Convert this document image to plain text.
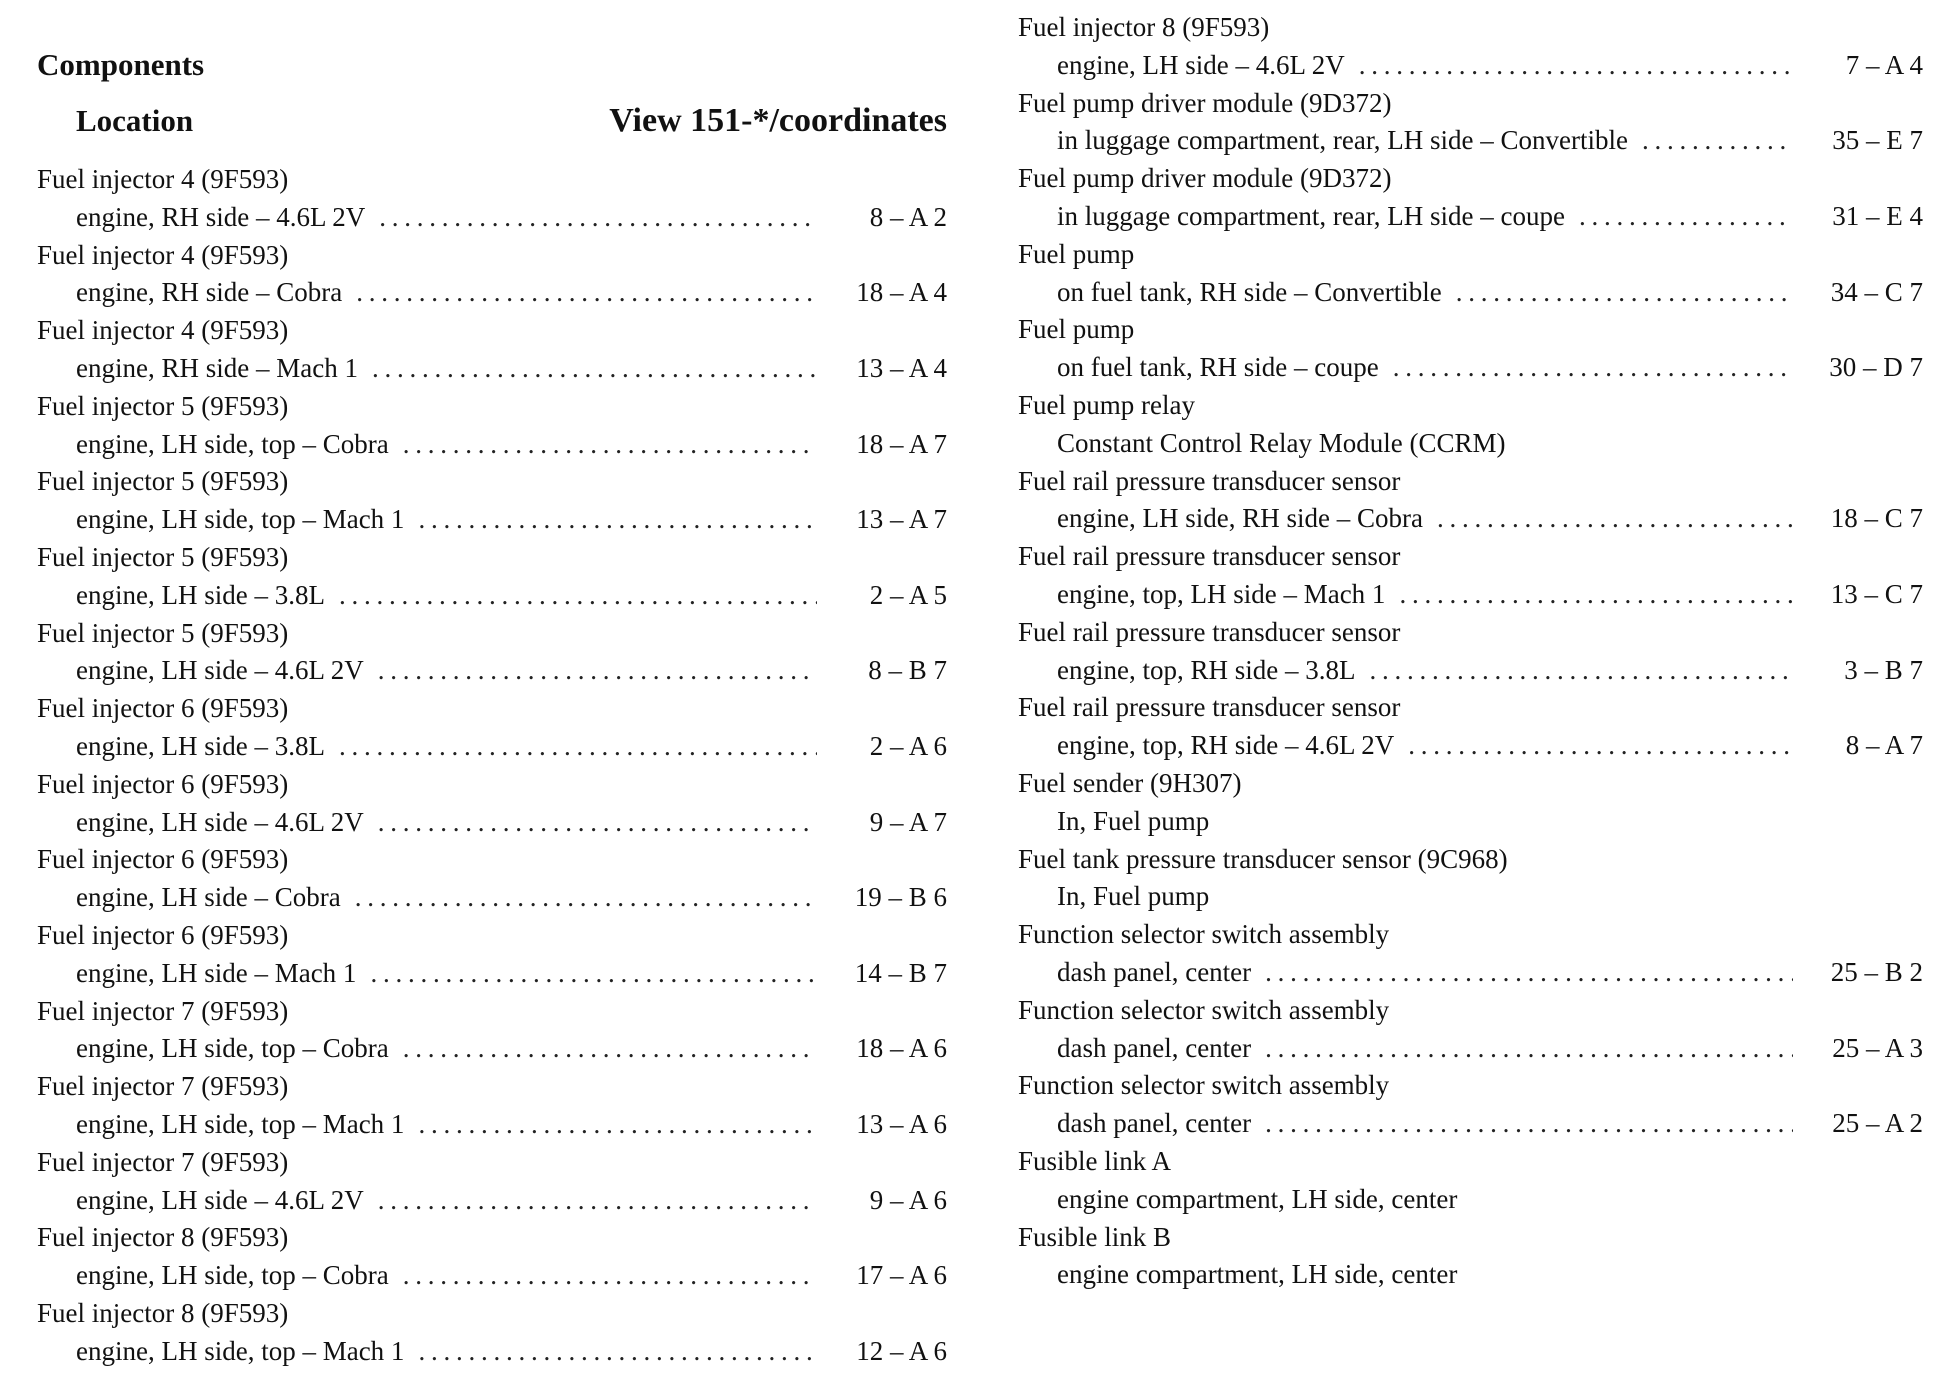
Components
Location	View 151-*/coordinates
Fuel injector 4 (9F593)
engine, RH side – 4.6L 2V . . .	8 – A 2
Fuel injector 4 (9F593)
engine, RH side – Cobra . . .	18 – A 4
Fuel injector 4 (9F593)
engine, RH side – Mach 1 . . .	13 – A 4
Fuel injector 5 (9F593)
engine, LH side, top – Cobra . . .	18 – A 7
Fuel injector 5 (9F593)
engine, LH side, top – Mach 1 . . .	13 – A 7
Fuel injector 5 (9F593)
engine, LH side – 3.8L . . .	2 – A 5
Fuel injector 5 (9F593)
engine, LH side – 4.6L 2V . . .	8 – B 7
Fuel injector 6 (9F593)
engine, LH side – 3.8L . . .	2 – A 6
Fuel injector 6 (9F593)
engine, LH side – 4.6L 2V . . .	9 – A 7
Fuel injector 6 (9F593)
engine, LH side – Cobra . . .	19 – B 6
Fuel injector 6 (9F593)
engine, LH side – Mach 1 . . .	14 – B 7
Fuel injector 7 (9F593)
engine, LH side, top – Cobra . . .	18 – A 6
Fuel injector 7 (9F593)
engine, LH side, top – Mach 1 . . .	13 – A 6
Fuel injector 7 (9F593)
engine, LH side – 4.6L 2V . . .	9 – A 6
Fuel injector 8 (9F593)
engine, LH side, top – Cobra . . .	17 – A 6
Fuel injector 8 (9F593)
engine, LH side, top – Mach 1 . . .	12 – A 6
Fuel injector 8 (9F593)
engine, LH side – 4.6L 2V . . .	7 – A 4
Fuel pump driver module (9D372)
in luggage compartment, rear, LH side – Convertible . . .	35 – E 7
Fuel pump driver module (9D372)
in luggage compartment, rear, LH side – coupe . . .	31 – E 4
Fuel pump
on fuel tank, RH side – Convertible . . .	34 – C 7
Fuel pump
on fuel tank, RH side – coupe . . .	30 – D 7
Fuel pump relay
Constant Control Relay Module (CCRM)
Fuel rail pressure transducer sensor
engine, LH side, RH side – Cobra . . .	18 – C 7
Fuel rail pressure transducer sensor
engine, top, LH side – Mach 1 . . .	13 – C 7
Fuel rail pressure transducer sensor
engine, top, RH side – 3.8L . . .	3 – B 7
Fuel rail pressure transducer sensor
engine, top, RH side – 4.6L 2V . . .	8 – A 7
Fuel sender (9H307)
In, Fuel pump
Fuel tank pressure transducer sensor (9C968)
In, Fuel pump
Function selector switch assembly
dash panel, center . . .	25 – B 2
Function selector switch assembly
dash panel, center . . .	25 – A 3
Function selector switch assembly
dash panel, center . . .	25 – A 2
Fusible link A
engine compartment, LH side, center
Fusible link B
engine compartment, LH side, center
